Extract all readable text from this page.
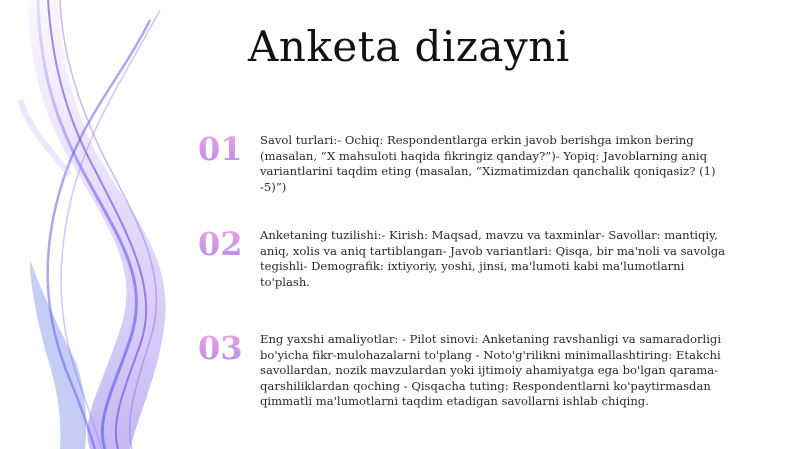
Anketa dizayni
01 Savol turlari:- Ochiq: Respondentlarga erkin javob berishga imkon bering (masalan, “X mahsuloti haqida fikringiz qanday?”)- Yopiq: Javoblarning aniq variantlarini taqdim eting (masalan, “Xizmatimizdan qanchalik qoniqasiz? (1) -5)”)
02 Anketaning tuzilishi:- Kirish: Maqsad, mavzu va taxminlar- Savollar: mantiqiy, aniq, xolis va aniq tartiblangan- Javob variantlari: Qisqa, bir ma'noli va savolga tegishli- Demografik: ixtiyoriy, yoshi, jinsi, ma'lumoti kabi ma'lumotlarni to'plash.
03 Eng yaxshi amaliyotlar: - Pilot sinovi: Anketaning ravshanligi va samaradorligi bo'yicha fikr-mulohazalarni to'plang - Noto'g'rilikni minimallashtiring: Etakchi savollardan, nozik mavzulardan yoki ijtimoiy ahamiyatga ega bo'lgan qarama-qarshiliklardan qoching - Qisqacha tuting: Respondentlarni ko'paytirmasdan qimmatli ma'lumotlarni taqdim etadigan savollarni ishlab chiqing.
